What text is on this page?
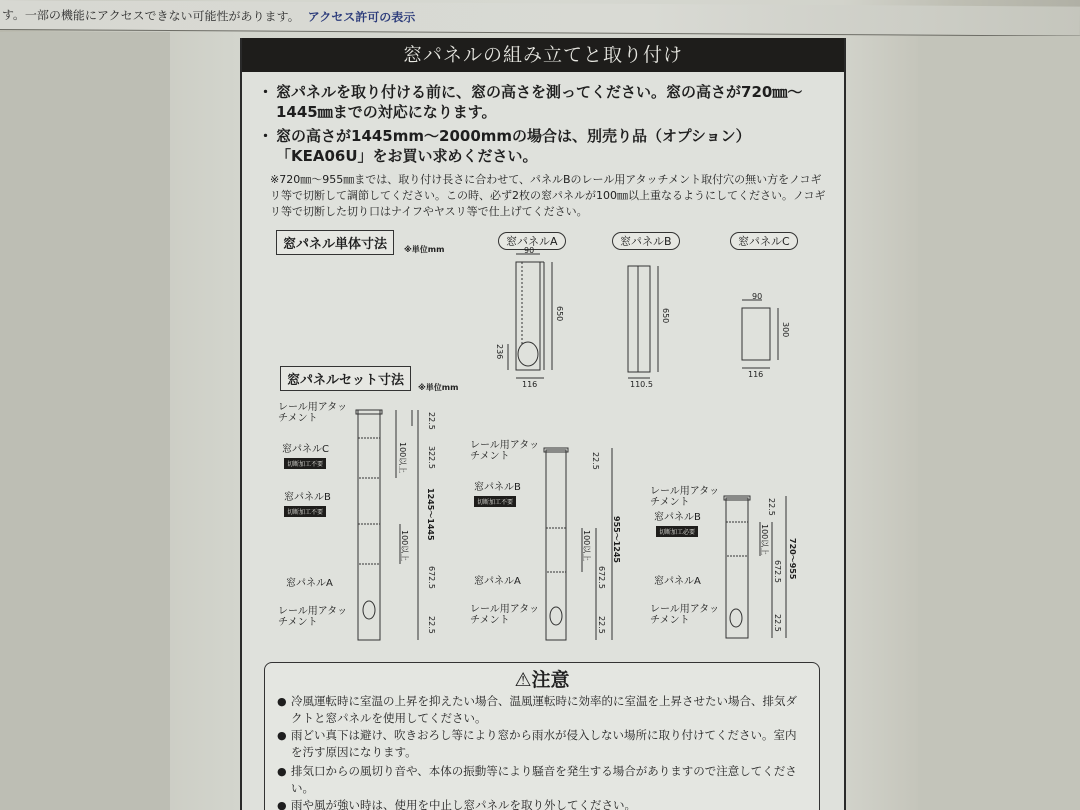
す。一部の機能にアクセスできない可能性があります。 アクセス許可の表示
窓パネルの組み立てと取り付け
・ 窓パネルを取り付ける前に、窓の高さを測ってください。窓の高さが720㎜～1445㎜までの対応になります。
・ 窓の高さが1445mm～2000mmの場合は、別売り品（オプション）「KEA06U」をお買い求めください。
※720㎜～955㎜までは、取り付け長さに合わせて、パネルBのレール用アタッチメント取付穴の無い方をノコギリ等で切断して調節してください。この時、必ず2枚の窓パネルが100㎜以上重なるようにしてください。ノコギリ等で切断した切り口はナイフやヤスリ等で仕上げてください。
窓パネル単体寸法	※単位mm
窓パネルA	窓パネルB	窓パネルC
90
650
236
116
650
110.5
90
300
116
窓パネルセット寸法	※単位mm
レール用アタッチメント
窓パネルC
切断加工不要
窓パネルB
切断加工不要
窓パネルA
レール用アタッチメント
22.5
100以上	322.5
100以上
672.5
22.5
1245～1445
レール用アタッチメント
窓パネルB
切断加工不要
窓パネルA
レール用アタッチメント
22.5
100以上
672.5
22.5
955～1245
レール用アタッチメント
窓パネルB
切断加工必要
窓パネルA
レール用アタッチメント
22.5
100以上
672.5
22.5
720～955
⚠注意
● 冷風運転時に室温の上昇を抑えたい場合、温風運転時に効率的に室温を上昇させたい場合、排気ダクトと窓パネルを使用してください。
● 雨どい真下は避け、吹きおろし等により窓から雨水が侵入しない場所に取り付けてください。室内を汚す原因になります。
● 排気口からの風切り音や、本体の振動等により騒音を発生する場合がありますので注意してください。
● 雨や風が強い時は、使用を中止し窓パネルを取り外してください。
